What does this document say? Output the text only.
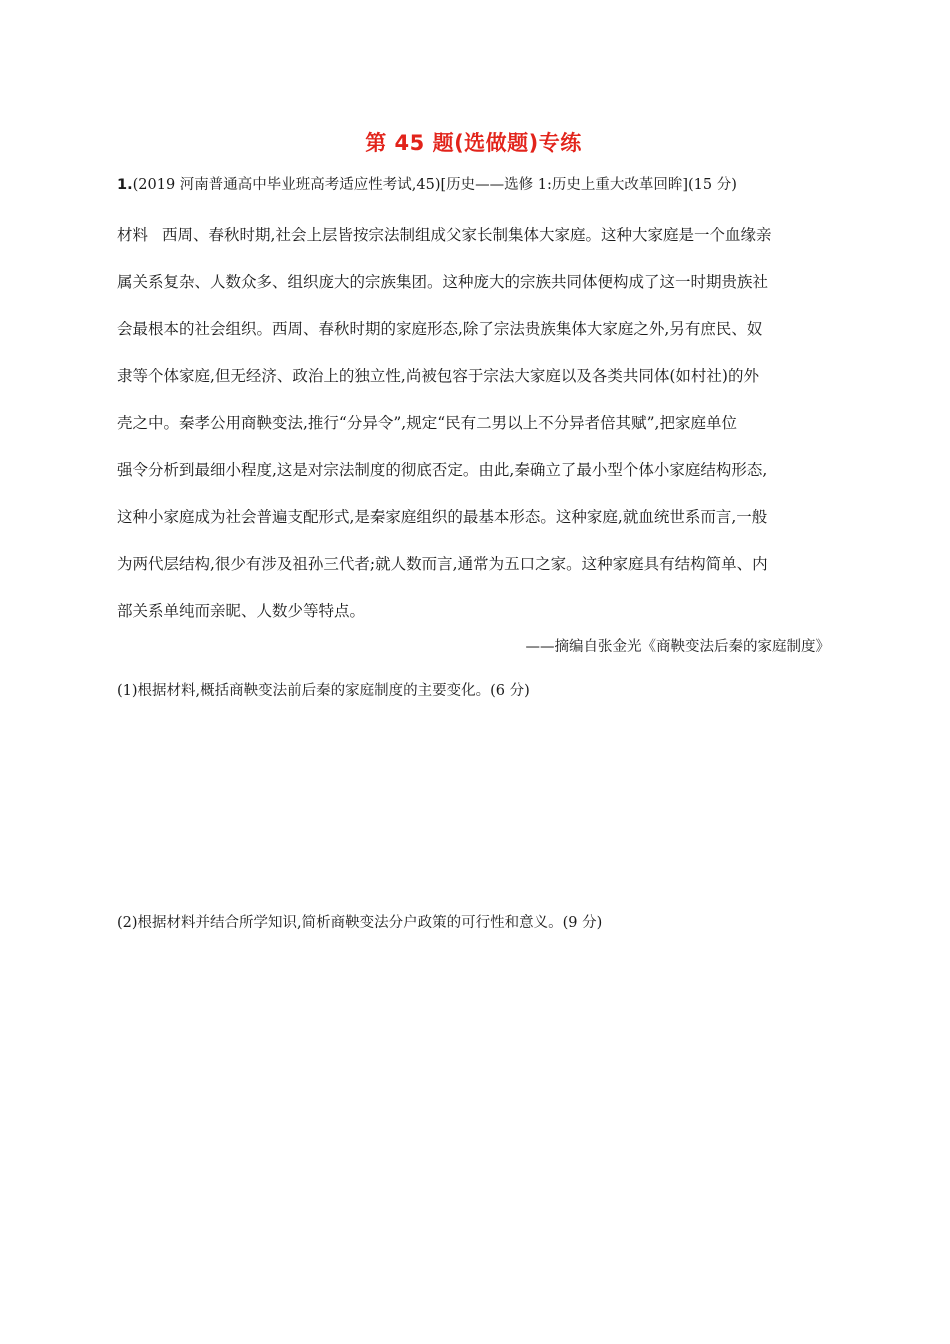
第 45 题(选做题)专练
1.(2019 河南普通高中毕业班高考适应性考试,45)[历史——选修 1:历史上重大改革回眸](15 分)
材料 西周、春秋时期,社会上层皆按宗法制组成父家长制集体大家庭。这种大家庭是一个血缘亲
属关系复杂、人数众多、组织庞大的宗族集团。这种庞大的宗族共同体便构成了这一时期贵族社
会最根本的社会组织。西周、春秋时期的家庭形态,除了宗法贵族集体大家庭之外,另有庶民、奴
隶等个体家庭,但无经济、政治上的独立性,尚被包容于宗法大家庭以及各类共同体(如村社)的外
壳之中。秦孝公用商鞅变法,推行“分异令”,规定“民有二男以上不分异者倍其赋”,把家庭单位
强令分析到最细小程度,这是对宗法制度的彻底否定。由此,秦确立了最小型个体小家庭结构形态,
这种小家庭成为社会普遍支配形式,是秦家庭组织的最基本形态。这种家庭,就血统世系而言,一般
为两代层结构,很少有涉及祖孙三代者;就人数而言,通常为五口之家。这种家庭具有结构简单、内
部关系单纯而亲昵、人数少等特点。
——摘编自张金光《商鞅变法后秦的家庭制度》
(1)根据材料,概括商鞅变法前后秦的家庭制度的主要变化。(6 分)
(2)根据材料并结合所学知识,简析商鞅变法分户政策的可行性和意义。(9 分)
